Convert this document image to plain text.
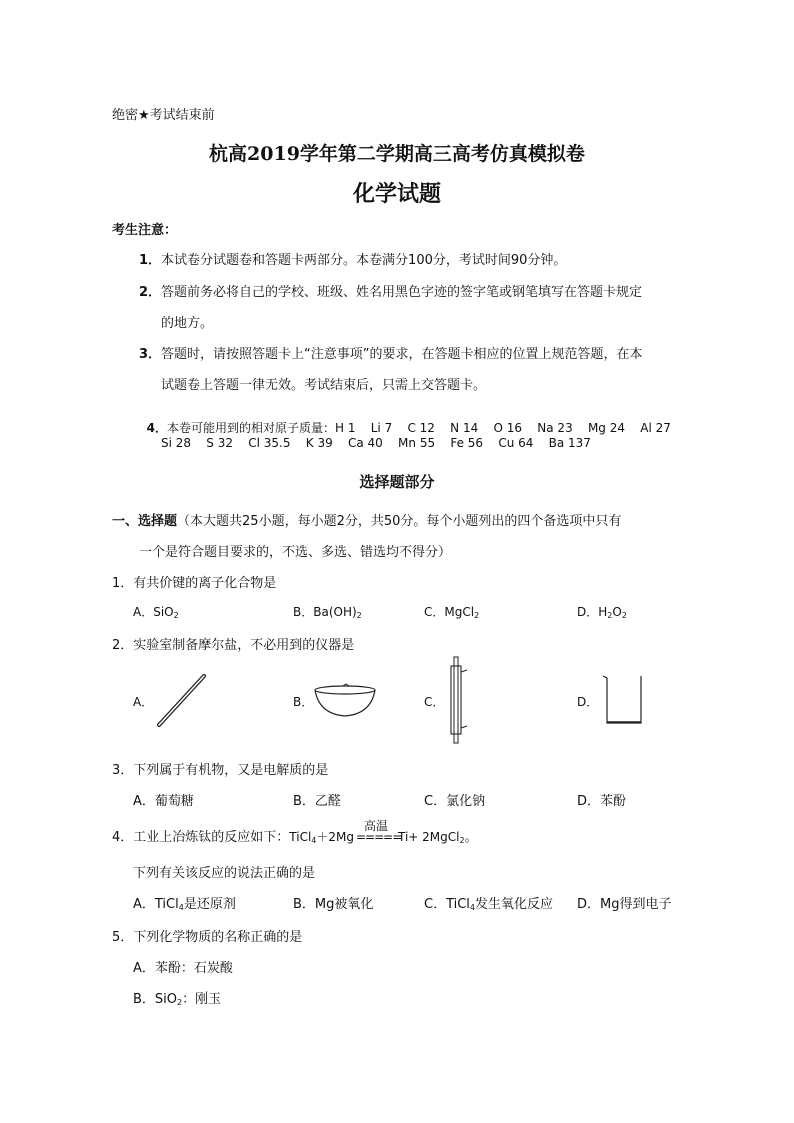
绝密★考试结束前
杭高2019学年第二学期高三高考仿真模拟卷
化学试题
考生注意：
1．本试卷分试题卷和答题卡两部分。本卷满分100分，考试时间90分钟。
2．答题前务必将自己的学校、班级、姓名用黑色字迹的签字笔或钢笔填写在答题卡规定
的地方。
3．答题时，请按照答题卡上“注意事项”的要求，在答题卡相应的位置上规范答题，在本
试题卷上答题一律无效。考试结束后，只需上交答题卡。

4．本卷可能用到的相对原子质量：H 1    Li 7    C 12    N 14    O 16    Na 23    Mg 24    Al 27

Si 28    S 32    Cl 35.5    K 39    Ca 40    Mn 55    Fe 56    Cu 64    Ba 137
选择题部分
一、选择题（本大题共25小题，每小题2分，共50分。每个小题列出的四个备选项中只有
一个是符合题目要求的，不选、多选、错选均不得分）
1．有共价键的离子化合物是
A．SiO$_2$	B．$Ba(OH)_2$	C．MgCl$_2$	D．$H_2O_2$
2．实验室制备摩尔盐，不必用到的仪器是
A．	B．	C．	D．
3．下列属于有机物，又是电解质的是
A．葡萄糖	B．乙醛	C．氯化钠	D．苯酚
4．工业上冶炼钛的反应如下：TiCl$_4$＋2Mg
高温
=====Ti+ 2MgCl$_2$。
下列有关该反应的说法正确的是
A．TiCl$_4$是还原剂	B．Mg被氧化	C．TiCl$_4$发生氧化反应 D．Mg得到电子
5．下列化学物质的名称正确的是
A．苯酚：石炭酸
B．SiO$_2$：刚玉
